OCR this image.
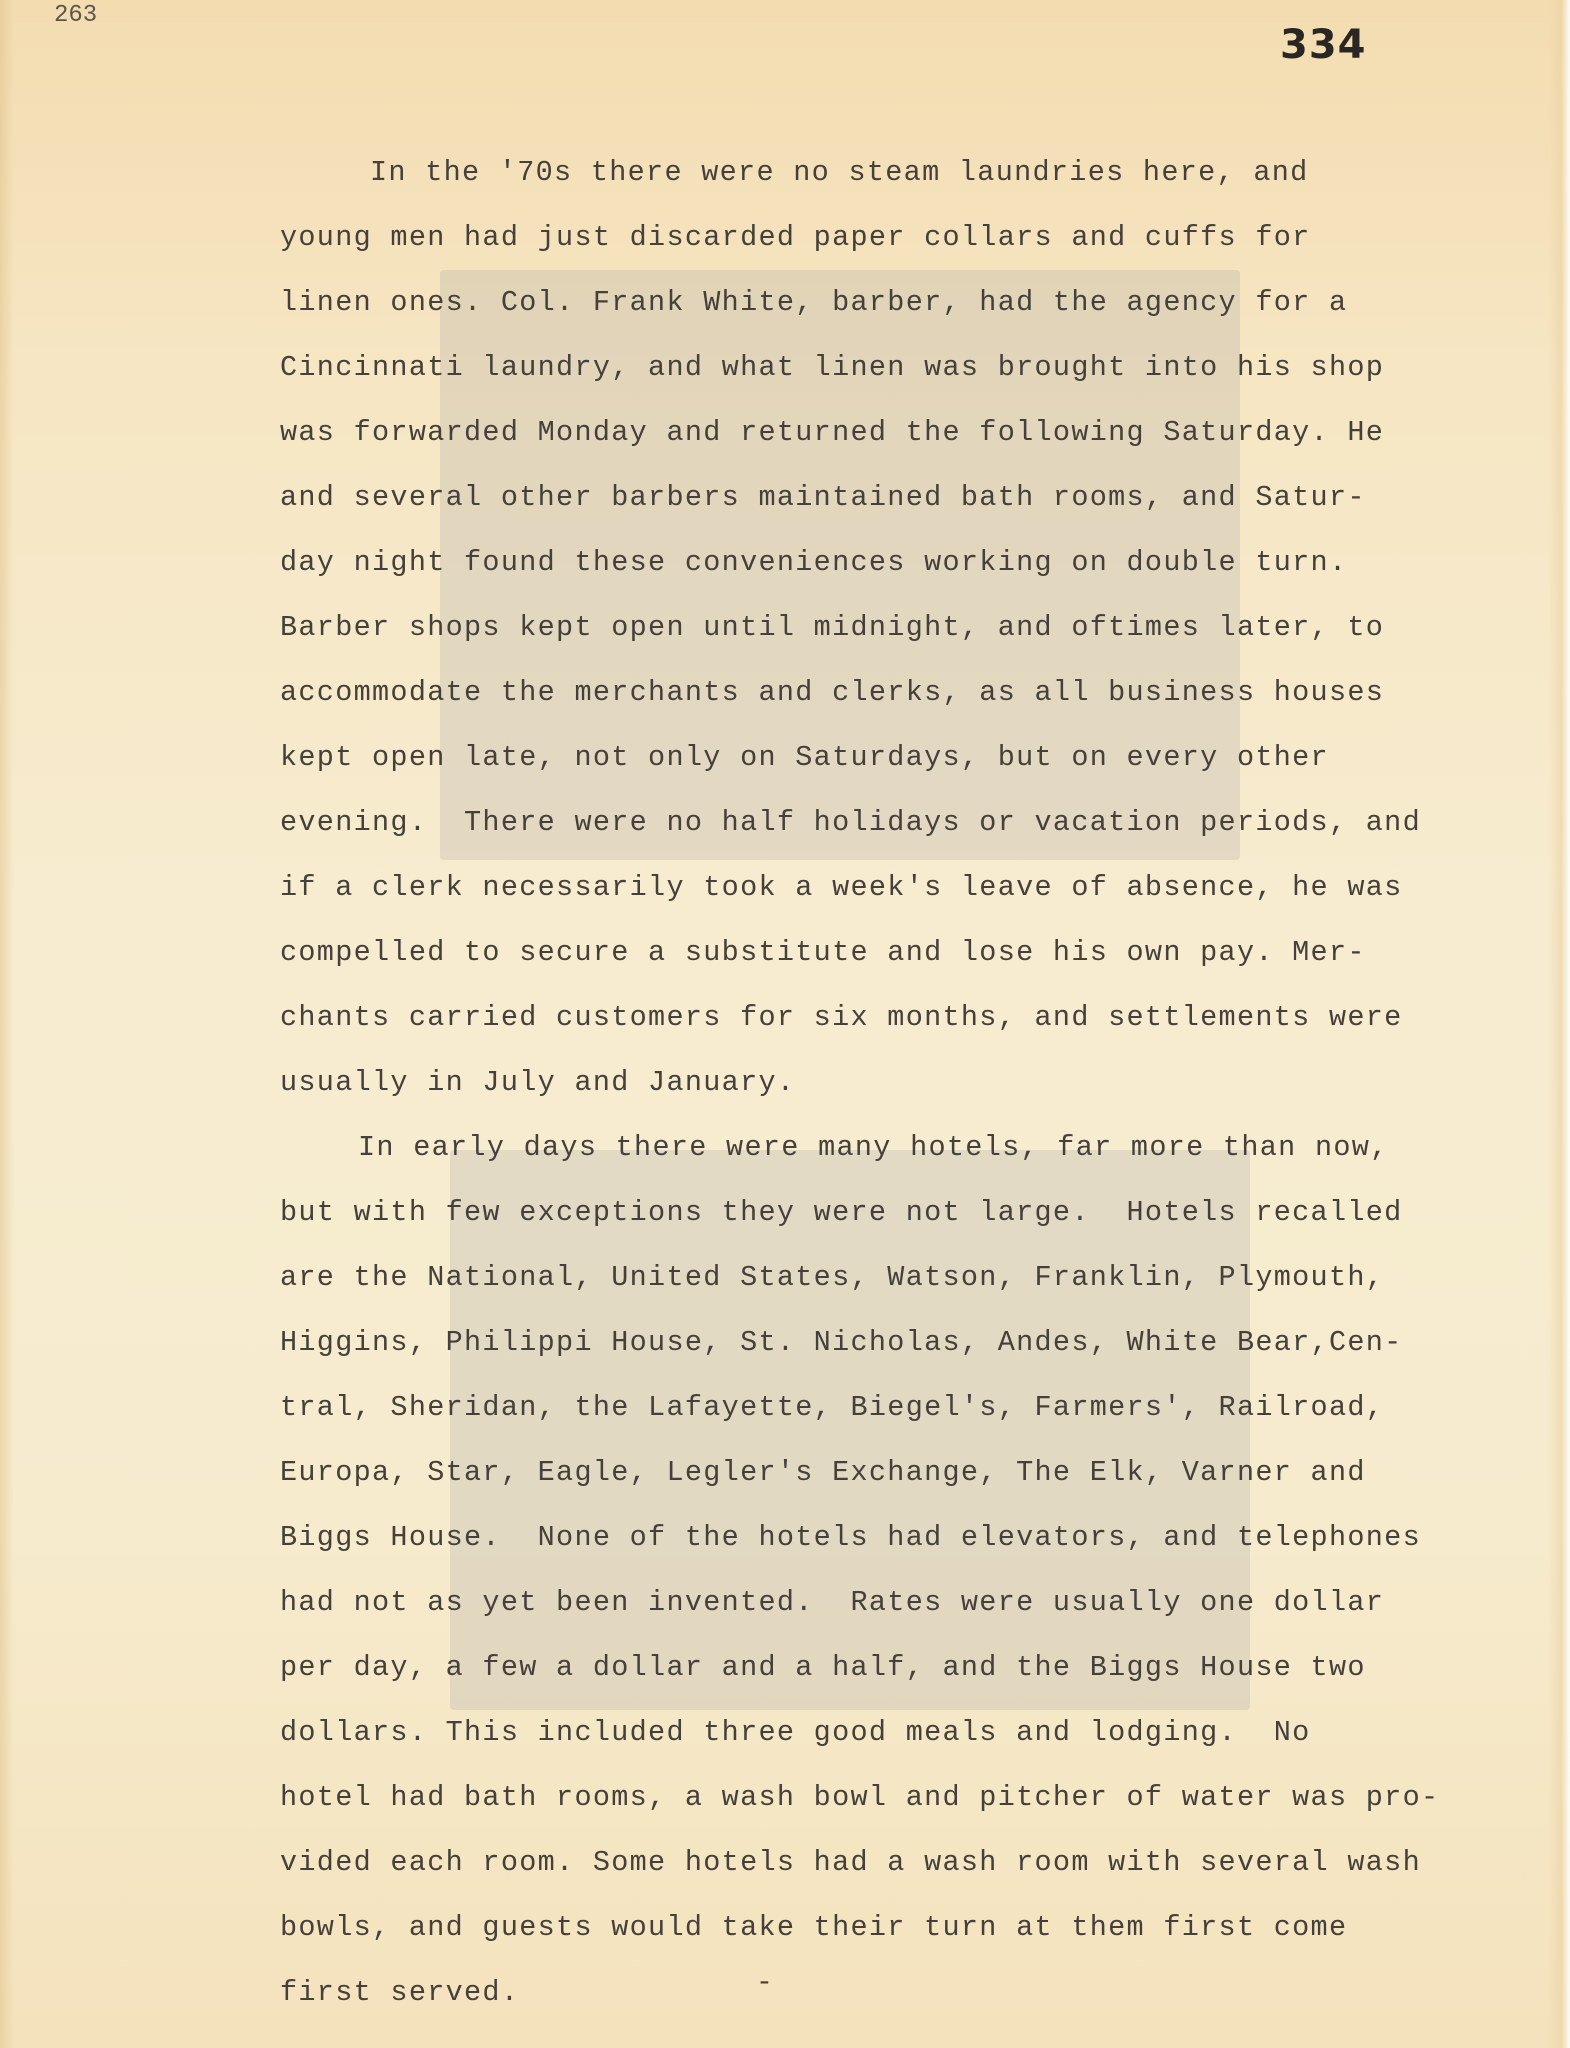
263
334
In the '70s there were no steam laundries here, and
young men had just discarded paper collars and cuffs for
linen ones. Col. Frank White, barber, had the agency for a
Cincinnati laundry, and what linen was brought into his shop
was forwarded Monday and returned the following Saturday. He
and several other barbers maintained bath rooms, and Satur-
day night found these conveniences working on double turn.
Barber shops kept open until midnight, and oftimes later, to
accommodate the merchants and clerks, as all business houses
kept open late, not only on Saturdays, but on every other
evening.  There were no half holidays or vacation periods, and
if a clerk necessarily took a week's leave of absence, he was
compelled to secure a substitute and lose his own pay. Mer-
chants carried customers for six months, and settlements were
usually in July and January.
In early days there were many hotels, far more than now,
but with few exceptions they were not large.  Hotels recalled
are the National, United States, Watson, Franklin, Plymouth,
Higgins, Philippi House, St. Nicholas, Andes, White Bear,Cen-
tral, Sheridan, the Lafayette, Biegel's, Farmers', Railroad,
Europa, Star, Eagle, Legler's Exchange, The Elk, Varner and
Biggs House.  None of the hotels had elevators, and telephones
had not as yet been invented.  Rates were usually one dollar
per day, a few a dollar and a half, and the Biggs House two
dollars. This included three good meals and lodging.  No
hotel had bath rooms, a wash bowl and pitcher of water was pro-
vided each room. Some hotels had a wash room with several wash
bowls, and guests would take their turn at them first come
first served.	-
